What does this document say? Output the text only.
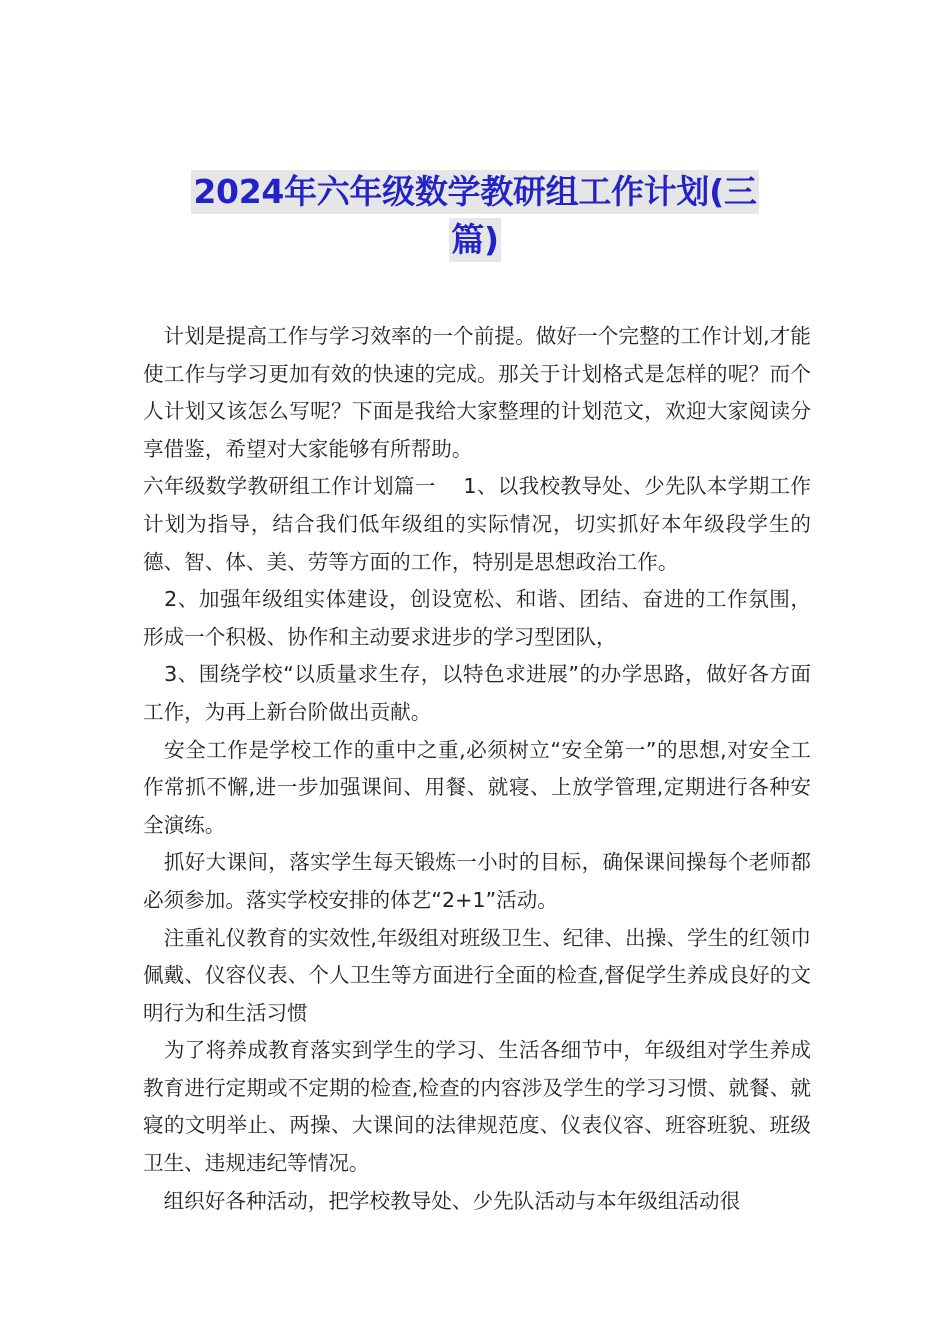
2024年六年级数学教研组工作计划(三
篇)

　计划是提高工作与学习效率的一个前提。做好一个完整的工作计划,才能使工作与学习更加有效的快速的完成。那关于计划格式是怎样的呢？而个人计划又该怎么写呢？下面是我给大家整理的计划范文，欢迎大家阅读分享借鉴，希望对大家能够有所帮助。

六年级数学教研组工作计划篇一　 1、以我校教导处、少先队本学期工作计划为指导，结合我们低年级组的实际情况，切实抓好本年级段学生的德、智、体、美、劳等方面的工作，特别是思想政治工作。

　2、加强年级组实体建设，创设宽松、和谐、团结、奋进的工作氛围，形成一个积极、协作和主动要求进步的学习型团队，

　3、围绕学校“以质量求生存，以特色求进展”的办学思路，做好各方面工作，为再上新台阶做出贡献。

　安全工作是学校工作的重中之重,必须树立“安全第一”的思想,对安全工作常抓不懈,进一步加强课间、用餐、就寝、上放学管理,定期进行各种安全演练。

　抓好大课间，落实学生每天锻炼一小时的目标，确保课间操每个老师都必须参加。落实学校安排的体艺“2+1”活动。

　注重礼仪教育的实效性,年级组对班级卫生、纪律、出操、学生的红领巾佩戴、仪容仪表、个人卫生等方面进行全面的检查,督促学生养成良好的文明行为和生活习惯

　为了将养成教育落实到学生的学习、生活各细节中，年级组对学生养成教育进行定期或不定期的检查,检查的内容涉及学生的学习习惯、就餐、就寝的文明举止、两操、大课间的法律规范度、仪表仪容、班容班貌、班级卫生、违规违纪等情况。

　组织好各种活动，把学校教导处、少先队活动与本年级组活动很
